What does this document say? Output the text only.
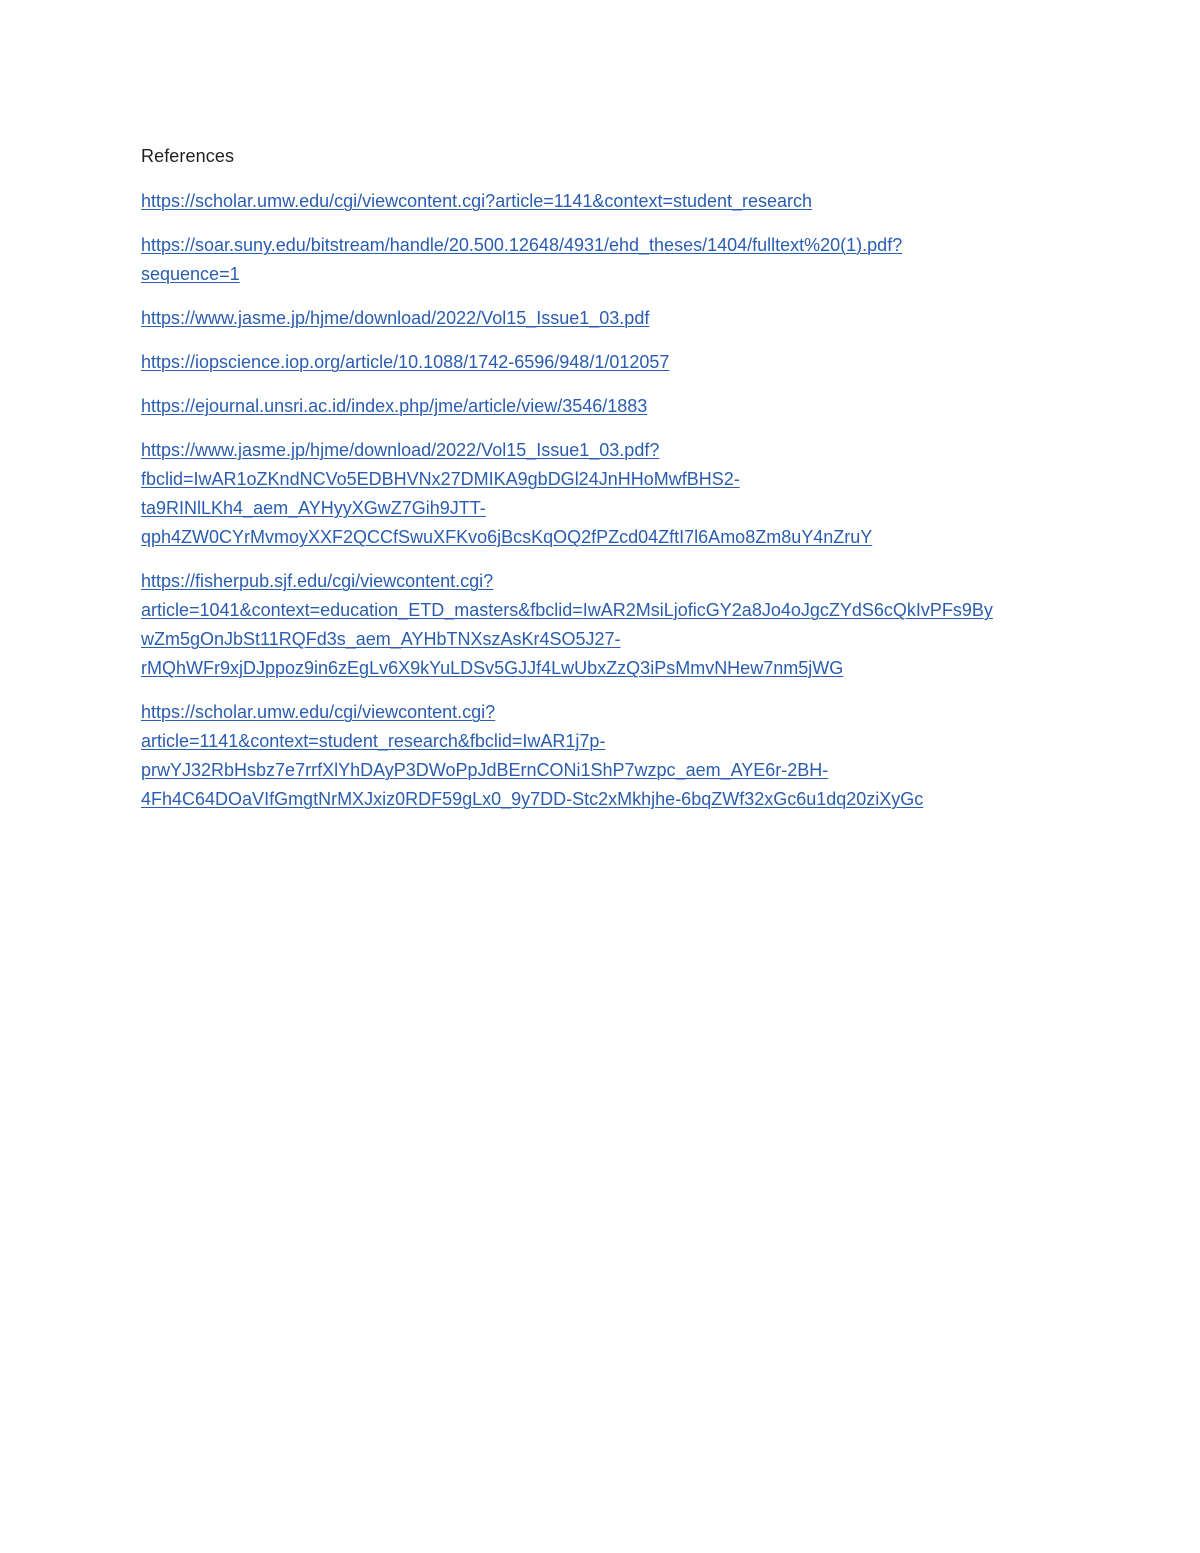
References
https://scholar.umw.edu/cgi/viewcontent.cgi?article=1141&context=student_research
https://soar.suny.edu/bitstream/handle/20.500.12648/4931/ehd_theses/1404/fulltext%20(1).pdf?
sequence=1
https://www.jasme.jp/hjme/download/2022/Vol15_Issue1_03.pdf
https://iopscience.iop.org/article/10.1088/1742-6596/948/1/012057
https://ejournal.unsri.ac.id/index.php/jme/article/view/3546/1883
https://www.jasme.jp/hjme/download/2022/Vol15_Issue1_03.pdf?
fbclid=IwAR1oZKndNCVo5EDBHVNx27DMIKA9gbDGl24JnHHoMwfBHS2-
ta9RINlLKh4_aem_AYHyyXGwZ7Gih9JTT-
qph4ZW0CYrMvmoyXXF2QCCfSwuXFKvo6jBcsKqOQ2fPZcd04ZftI7l6Amo8Zm8uY4nZruY
https://fisherpub.sjf.edu/cgi/viewcontent.cgi?
article=1041&context=education_ETD_masters&fbclid=IwAR2MsiLjoficGY2a8Jo4oJgcZYdS6cQkIvPFs9By
wZm5gOnJbSt11RQFd3s_aem_AYHbTNXszAsKr4SO5J27-
rMQhWFr9xjDJppoz9in6zEgLv6X9kYuLDSv5GJJf4LwUbxZzQ3iPsMmvNHew7nm5jWG
https://scholar.umw.edu/cgi/viewcontent.cgi?
article=1141&context=student_research&fbclid=IwAR1j7p-
prwYJ32RbHsbz7e7rrfXlYhDAyP3DWoPpJdBErnCONi1ShP7wzpc_aem_AYE6r-2BH-
4Fh4C64DOaVIfGmgtNrMXJxiz0RDF59gLx0_9y7DD-Stc2xMkhjhe-6bqZWf32xGc6u1dq20ziXyGc
